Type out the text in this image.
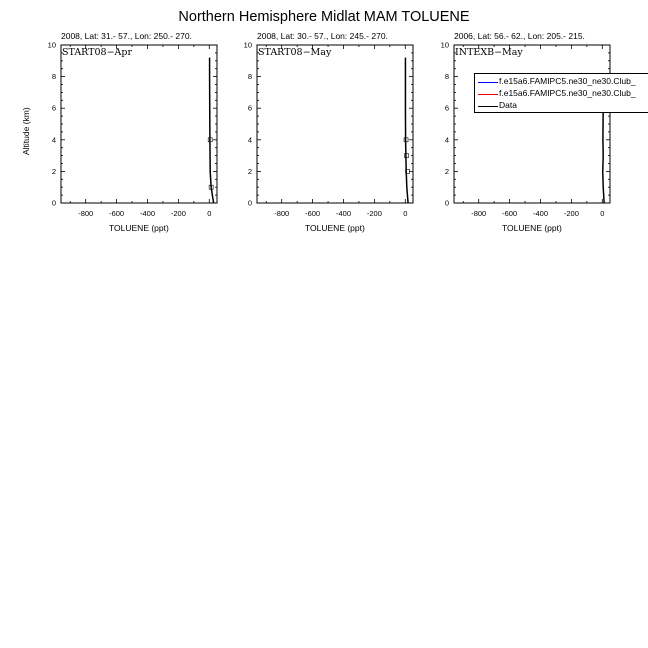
Northern Hemisphere Midlat MAM TOLUENE
2008, Lat: 31.- 57., Lon: 250.- 270.
Altitude (km)
-800 -600 -400 -200	0
0
2
4
6
8
10
START08−Apr
TOLUENE (ppt)
2008, Lat: 30.- 57., Lon: 245.- 270.
-800 -600 -400 -200	0
0
2
4
6
8
10
START08−May
TOLUENE (ppt)
2006, Lat: 56.- 62., Lon: 205.- 215.
-800 -600 -400 -200	0
0
2
4
6
8
10
INTEXB−May
TOLUENE (ppt)
f.e15a6.FAMIPC5.ne30_ne30.Club_
f.e15a6.FAMIPC5.ne30_ne30.Club_
Data
